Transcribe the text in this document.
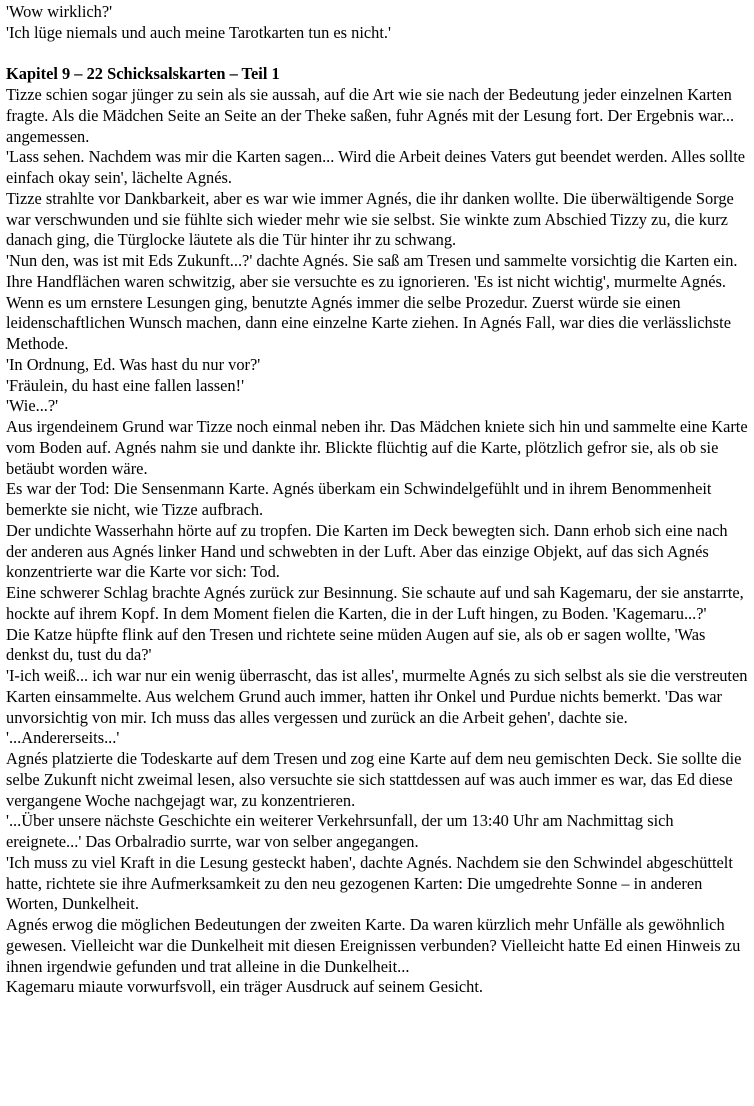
'Wow wirklich?'

'Ich lüge niemals und auch meine Tarotkarten tun es nicht.'

Kapitel 9 – 22 Schicksalskarten – Teil 1

Tizze schien sogar jünger zu sein als sie aussah, auf die Art wie sie nach der Bedeutung jeder einzelnen Karten fragte. Als die Mädchen Seite an Seite an der Theke saßen, fuhr Agnés mit der Lesung fort. Der Ergebnis war... angemessen.

'Lass sehen. Nachdem was mir die Karten sagen... Wird die Arbeit deines Vaters gut beendet werden. Alles sollte einfach okay sein', lächelte Agnés.

Tizze strahlte vor Dankbarkeit, aber es war wie immer Agnés, die ihr danken wollte. Die überwältigende Sorge war verschwunden und sie fühlte sich wieder mehr wie sie selbst. Sie winkte zum Abschied Tizzy zu, die kurz danach ging, die Türglocke läutete als die Tür hinter ihr zu schwang.

'Nun den, was ist mit Eds Zukunft...?' dachte Agnés. Sie saß am Tresen und sammelte vorsichtig die Karten ein. Ihre Handflächen waren schwitzig, aber sie versuchte es zu ignorieren. 'Es ist nicht wichtig', murmelte Agnés.

Wenn es um ernstere Lesungen ging, benutzte Agnés immer die selbe Prozedur. Zuerst würde sie einen leidenschaftlichen Wunsch machen, dann eine einzelne Karte ziehen. In Agnés Fall, war dies die verlässlichste Methode.

'In Ordnung, Ed. Was hast du nur vor?'

'Fräulein, du hast eine fallen lassen!'

'Wie...?'

Aus irgendeinem Grund war Tizze noch einmal neben ihr. Das Mädchen kniete sich hin und sammelte eine Karte vom Boden auf. Agnés nahm sie und dankte ihr. Blickte flüchtig auf die Karte, plötzlich gefror sie, als ob sie betäubt worden wäre.

Es war der Tod: Die Sensenmann Karte. Agnés überkam ein Schwindelgefühlt und in ihrem Benommenheit bemerkte sie nicht, wie Tizze aufbrach.

Der undichte Wasserhahn hörte auf zu tropfen. Die Karten im Deck bewegten sich. Dann erhob sich eine nach der anderen aus Agnés linker Hand und schwebten in der Luft. Aber das einzige Objekt, auf das sich Agnés konzentrierte war die Karte vor sich: Tod.

Eine schwerer Schlag brachte Agnés zurück zur Besinnung. Sie schaute auf und sah Kagemaru, der sie anstarrte, hockte auf ihrem Kopf. In dem Moment fielen die Karten, die in der Luft hingen, zu Boden. 'Kagemaru...?'

Die Katze hüpfte flink auf den Tresen und richtete seine müden Augen auf sie, als ob er sagen wollte, 'Was denkst du, tust du da?'

'I-ich weiß... ich war nur ein wenig überrascht, das ist alles', murmelte Agnés zu sich selbst als sie die verstreuten Karten einsammelte. Aus welchem Grund auch immer, hatten ihr Onkel und Purdue nichts bemerkt. 'Das war unvorsichtig von mir. Ich muss das alles vergessen und zurück an die Arbeit gehen', dachte sie.

'...Andererseits...'

Agnés platzierte die Todeskarte auf dem Tresen und zog eine Karte auf dem neu gemischten Deck. Sie sollte die selbe Zukunft nicht zweimal lesen, also versuchte sie sich stattdessen auf was auch immer es war, das Ed diese vergangene Woche nachgejagt war, zu konzentrieren.

'...Über unsere nächste Geschichte ein weiterer Verkehrsunfall, der um 13:40 Uhr am Nachmittag sich ereignete...' Das Orbalradio surrte, war von selber angegangen.

'Ich muss zu viel Kraft in die Lesung gesteckt haben', dachte Agnés. Nachdem sie den Schwindel abgeschüttelt hatte, richtete sie ihre Aufmerksamkeit zu den neu gezogenen Karten: Die umgedrehte Sonne – in anderen Worten, Dunkelheit.

Agnés erwog die möglichen Bedeutungen der zweiten Karte. Da waren kürzlich mehr Unfälle als gewöhnlich gewesen. Vielleicht war die Dunkelheit mit diesen Ereignissen verbunden? Vielleicht hatte Ed einen Hinweis zu ihnen irgendwie gefunden und trat alleine in die Dunkelheit...

Kagemaru miaute vorwurfsvoll, ein träger Ausdruck auf seinem Gesicht.
